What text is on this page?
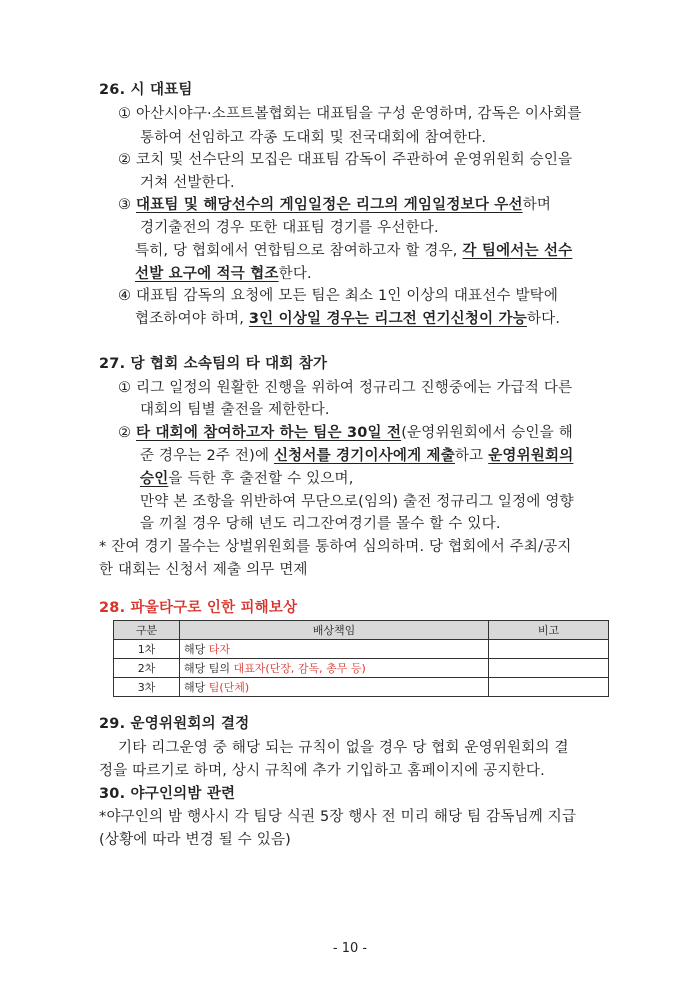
26. 시 대표팀
① 아산시야구·소프트볼협회는 대표팀을 구성 운영하며, 감독은 이사회를
통하여 선임하고 각종 도대회 및 전국대회에 참여한다.
② 코치 및 선수단의 모집은 대표팀 감독이 주관하여 운영위원회 승인을
거쳐 선발한다.
③ 대표팀 및 해당선수의 게임일정은 리그의 게임일정보다 우선하며
경기출전의 경우 또한 대표팀 경기를 우선한다.
특히, 당 협회에서 연합팀으로 참여하고자 할 경우, 각 팀에서는 선수
선발 요구에 적극 협조한다.
④ 대표팀 감독의 요청에 모든 팀은 최소 1인 이상의 대표선수 발탁에
협조하여야 하며, 3인 이상일 경우는 리그전 연기신청이 가능하다.
27. 당 협회 소속팀의 타 대회 참가
① 리그 일정의 원활한 진행을 위하여 정규리그 진행중에는 가급적 다른
대회의 팀별 출전을 제한한다.
② 타 대회에 참여하고자 하는 팀은 30일 전(운영위원회에서 승인을 해
준 경우는 2주 전)에 신청서를 경기이사에게 제출하고 운영위원회의
승인을 득한 후 출전할 수 있으며,
만약 본 조항을 위반하여 무단으로(임의) 출전 정규리그 일정에 영향
을 끼칠 경우 당해 년도 리그잔여경기를 몰수 할 수 있다.
* 잔여 경기 몰수는 상벌위원회를 통하여 심의하며. 당 협회에서 주최/공지
한 대회는 신청서 제출 의무 면제
28. 파울타구로 인한 피해보상
구분	배상책임	비고
1차	해당 타자	
2차	해당 팀의 대표자(단장, 감독, 총무 등)	
3차	해당 팀(단체)	
29. 운영위원회의 결정
기타 리그운영 중 해당 되는 규칙이 없을 경우 당 협회 운영위원회의 결
정을 따르기로 하며, 상시 규칙에 추가 기입하고 홈페이지에 공지한다.
30. 야구인의밤 관련
*야구인의 밤 행사시 각 팀당 식권 5장 행사 전 미리 해당 팀 감독님께 지급
(상황에 따라 변경 될 수 있음)
- 10 -
